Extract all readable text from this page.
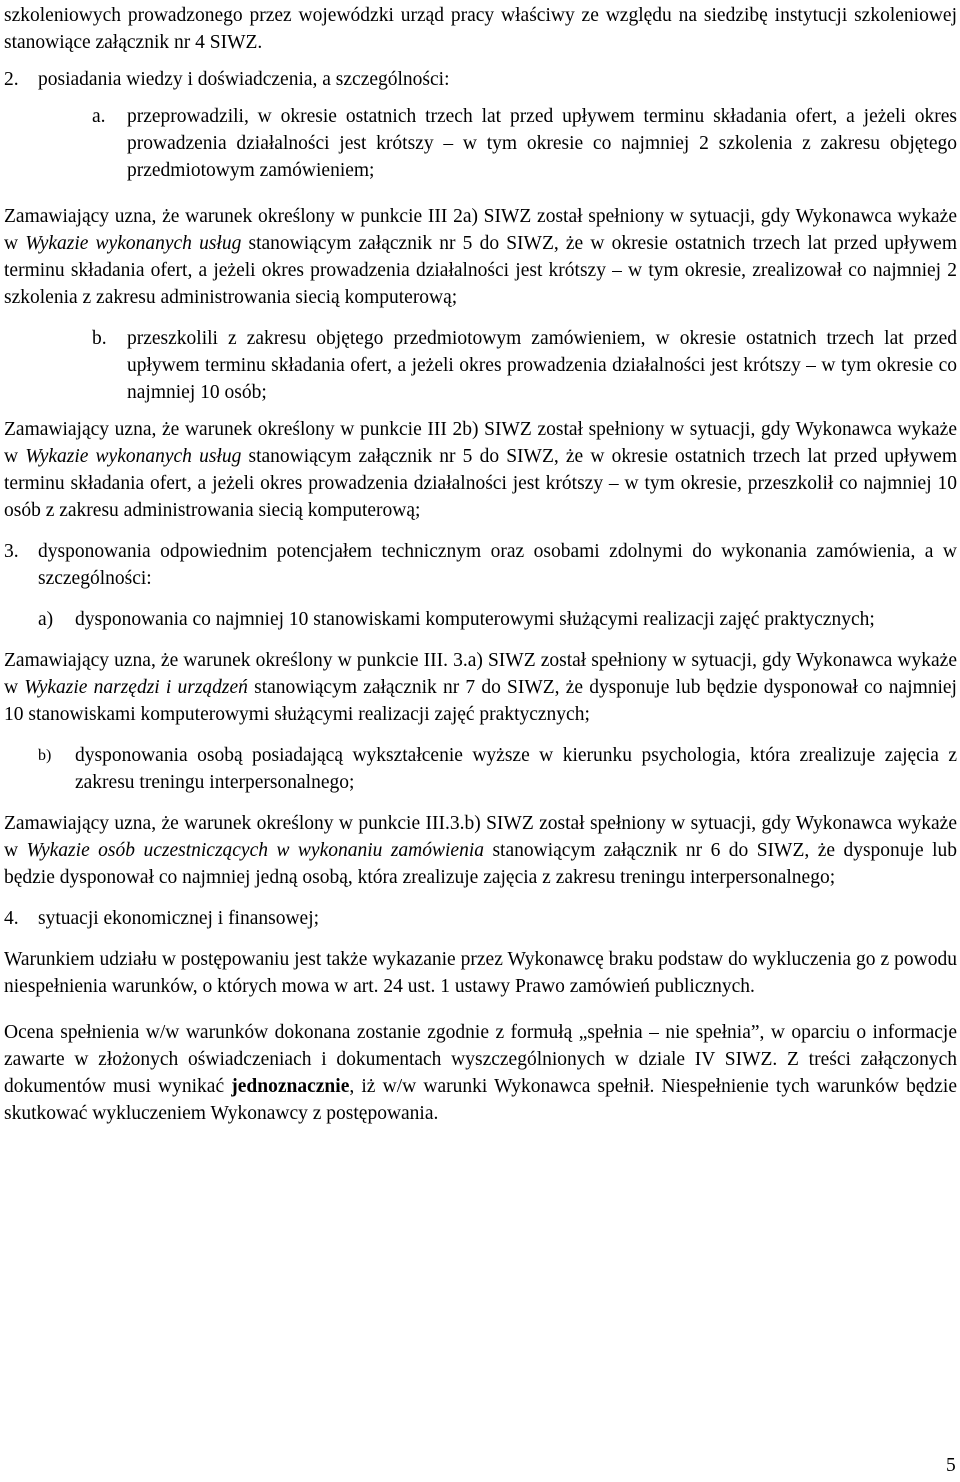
szkoleniowych prowadzonego przez wojewódzki urząd pracy właściwy ze względu na siedzibę instytucji szkoleniowej stanowiące załącznik nr 4 SIWZ.

2. posiadania wiedzy i doświadczenia, a szczególności:

a. przeprowadzili, w okresie ostatnich trzech lat przed upływem terminu składania ofert, a jeżeli okres prowadzenia działalności jest krótszy – w tym okresie co najmniej 2 szkolenia z zakresu objętego przedmiotowym zamówieniem;

Zamawiający uzna, że warunek określony w punkcie III 2a) SIWZ został spełniony w sytuacji, gdy Wykonawca wykaże w Wykazie wykonanych usług stanowiącym załącznik nr 5 do SIWZ, że w okresie ostatnich trzech lat przed upływem terminu składania ofert, a jeżeli okres prowadzenia działalności jest krótszy – w tym okresie, zrealizował co najmniej 2 szkolenia z zakresu administrowania siecią komputerową;

b. przeszkolili z zakresu objętego przedmiotowym zamówieniem, w okresie ostatnich trzech lat przed upływem terminu składania ofert, a jeżeli okres prowadzenia działalności jest krótszy – w tym okresie co najmniej 10 osób;

Zamawiający uzna, że warunek określony w punkcie III 2b) SIWZ został spełniony w sytuacji, gdy Wykonawca wykaże w Wykazie wykonanych usług stanowiącym załącznik nr 5 do SIWZ, że w okresie ostatnich trzech lat przed upływem terminu składania ofert, a jeżeli okres prowadzenia działalności jest krótszy – w tym okresie, przeszkolił co najmniej 10 osób z zakresu administrowania siecią komputerową;

3. dysponowania odpowiednim potencjałem technicznym oraz osobami zdolnymi do wykonania zamówienia, a w szczególności:

a) dysponowania co najmniej 10 stanowiskami komputerowymi służącymi realizacji zajęć praktycznych;

Zamawiający uzna, że warunek określony w punkcie III. 3.a) SIWZ został spełniony w sytuacji, gdy Wykonawca wykaże w Wykazie narzędzi i urządzeń stanowiącym załącznik nr 7 do SIWZ, że dysponuje lub będzie dysponował co najmniej 10 stanowiskami komputerowymi służącymi realizacji zajęć praktycznych;

b) dysponowania osobą posiadającą wykształcenie wyższe w kierunku psychologia, która zrealizuje zajęcia z zakresu treningu interpersonalnego;

Zamawiający uzna, że warunek określony w punkcie III.3.b) SIWZ został spełniony w sytuacji, gdy Wykonawca wykaże w Wykazie osób uczestniczących w wykonaniu zamówienia stanowiącym załącznik nr 6 do SIWZ, że dysponuje lub będzie dysponował co najmniej jedną osobą, która zrealizuje zajęcia z zakresu treningu interpersonalnego;

4. sytuacji ekonomicznej i finansowej;

Warunkiem udziału w postępowaniu jest także wykazanie przez Wykonawcę braku podstaw do wykluczenia go z powodu niespełnienia warunków, o których mowa w art. 24 ust. 1 ustawy Prawo zamówień publicznych.

Ocena spełnienia w/w warunków dokonana zostanie zgodnie z formułą „spełnia – nie spełnia”, w oparciu o informacje zawarte w złożonych oświadczeniach i dokumentach wyszczególnionych w dziale IV SIWZ. Z treści załączonych dokumentów musi wynikać jednoznacznie, iż w/w warunki Wykonawca spełnił. Niespełnienie tych warunków będzie skutkować wykluczeniem Wykonawcy z postępowania.

5
